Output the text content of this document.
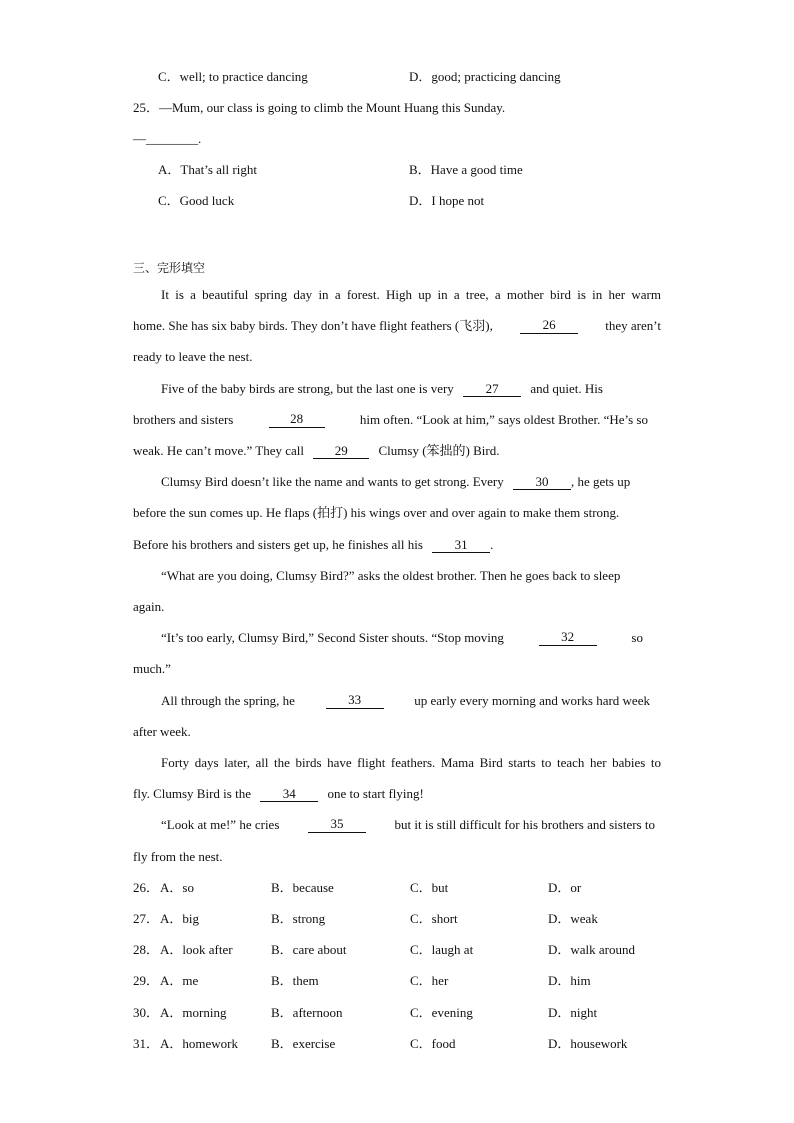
C．well; to practice dancing	D．good; practicing dancing
25．—Mum, our class is going to climb the Mount Huang this Sunday.
—________.
A．That’s all right	B．Have a good time
C．Good luck	D．I hope not
三、完形填空
It is a beautiful spring day in a forest. High up in a tree, a mother bird is in her warm
home. She has six baby birds. They don’t have flight feathers (飞羽),	26	they aren’t
ready to leave the nest.
Five of the baby birds are strong, but the last one is very 27 and quiet. His
brothers and sisters	28	him often. “Look at him,” says oldest Brother. “He’s so
weak. He can’t move.” They call 29 Clumsy (笨拙的) Bird.
Clumsy Bird doesn’t like the name and wants to get strong. Every 30 , he gets up
before the sun comes up. He flaps (拍打) his wings over and over again to make them strong.
Before his brothers and sisters get up, he finishes all his 31 .
“What are you doing, Clumsy Bird?” asks the oldest brother. Then he goes back to sleep
again.
“It’s too early, Clumsy Bird,” Second Sister shouts. “Stop moving	32	so
much.”
All through the spring, he	33	up early every morning and works hard week
after week.
Forty days later, all the birds have flight feathers. Mama Bird starts to teach her babies to
fly. Clumsy Bird is the 34 one to start flying!
“Look at me!” he cries	35	but it is still difficult for his brothers and sisters to
fly from the nest.
26． A．so	B．because	C．but	D．or
27． A．big	B．strong	C．short	D．weak
28． A．look after	B．care about	C．laugh at	D．walk around
29． A．me	B．them	C．her	D．him
30． A．morning	B．afternoon	C．evening	D．night
31． A．homework	B．exercise	C．food	D．housework
